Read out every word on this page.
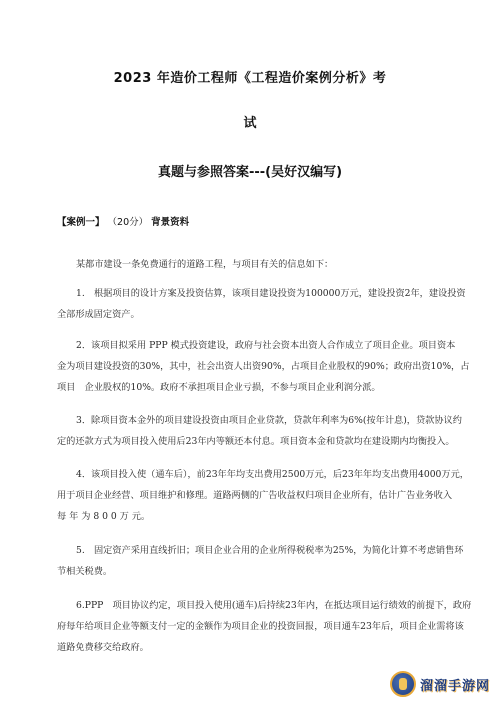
2023 年造价工程师《工程造价案例分析》考
试
真题与参照答案---(吴好汉编写)
【案例一】 （20分） 背景资料

某都市建设一条免费通行的道路工程，与项目有关的信息如下：

1.　根据项目的设计方案及投资估算，该项目建设投资为100000万元，建设投资2年，建设投资

全部形成固定资产。

2．该项目拟采用 PPP 模式投资建设，政府与社会资本出资人合作成立了项目企业。项目资本

金为项目建设投资的30%，其中，社会出资人出资90%，占项目企业股权的90%；政府出资10%，占

项目　企业股权的10%。政府不承担项目企业亏损，不参与项目企业利润分派。

3．除项目资本金外的项目建设投资由项目企业贷款，贷款年利率为6%(按年计息)，贷款协议约

定的还款方式为项目投入使用后23年内等额还本付息。项目资本金和贷款均在建设期内均衡投入。

4．该项目投入使（通车后），前23年年均支出费用2500万元，后23年年均支出费用4000万元，

用于项目企业经营、项目维护和修理。道路两侧的广告收益权归项目企业所有，估计广告业务收入

每 年 为 8 0 0 万 元。

5.　固定资产采用直线折旧；项目企业合用的企业所得税税率为25%，为简化计算不考虑销售环

节相关税费。

6.PPP　项目协议约定，项目投入使用(通车)后持续23年内，在抵达项目运行绩效的前提下，政府

府每年给项目企业等额支付一定的金额作为项目企业的投资回报，项目通车23年后，项目企业需将该

道路免费移交给政府。

溜溜手游网
